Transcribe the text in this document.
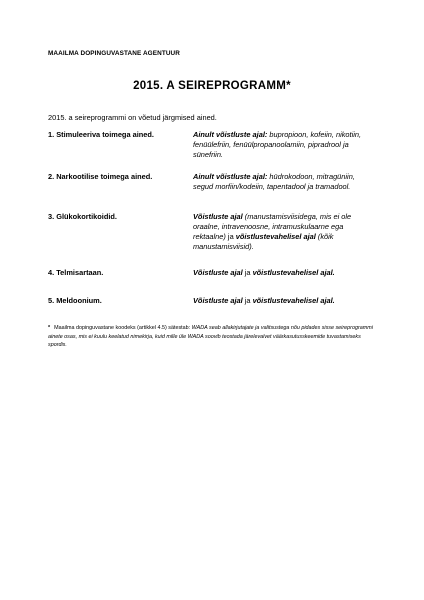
MAAILMA DOPINGUVASTANE AGENTUUR
2015. A SEIREPROGRAMM*
2015. a seireprogrammi on võetud järgmised ained.
1. Stimuleeriva toimega ained.	Ainult võistluste ajal: bupropioon, kofeiin, nikotiin, fenüülefriin, fenüülpropanoolamiin, pipradrool ja sünefriin.
2. Narkootilise toimega ained.	Ainult võistluste ajal: hüdrokodoon, mitragüniin, segud morfiin/kodeiin, tapentadool ja tramadool.
3. Glükokortikoidid.	Võistluste ajal (manustamisviisidega, mis ei ole oraalne, intravenoosne, intramuskulaarne ega rektaalne) ja võistlustevahelisel ajal (kõik manustamisviisid).
4. Telmisartaan.	Võistluste ajal ja võistlustevahelisel ajal.
5. Meldoonium.	Võistluste ajal ja võistlustevahelisel ajal.
* Maailma dopinguvastane koodeks (artikkel 4.5) sätestab: WADA seab allakirjutajate ja valitsustega nõu pidades sisse seireprogrammi ainete osas, mis ei kuulu keelatud nimekirja, kuid mille üle WADA soovib teostada järelevalvet väärkasutusskeemide tuvastamiseks spordis.
